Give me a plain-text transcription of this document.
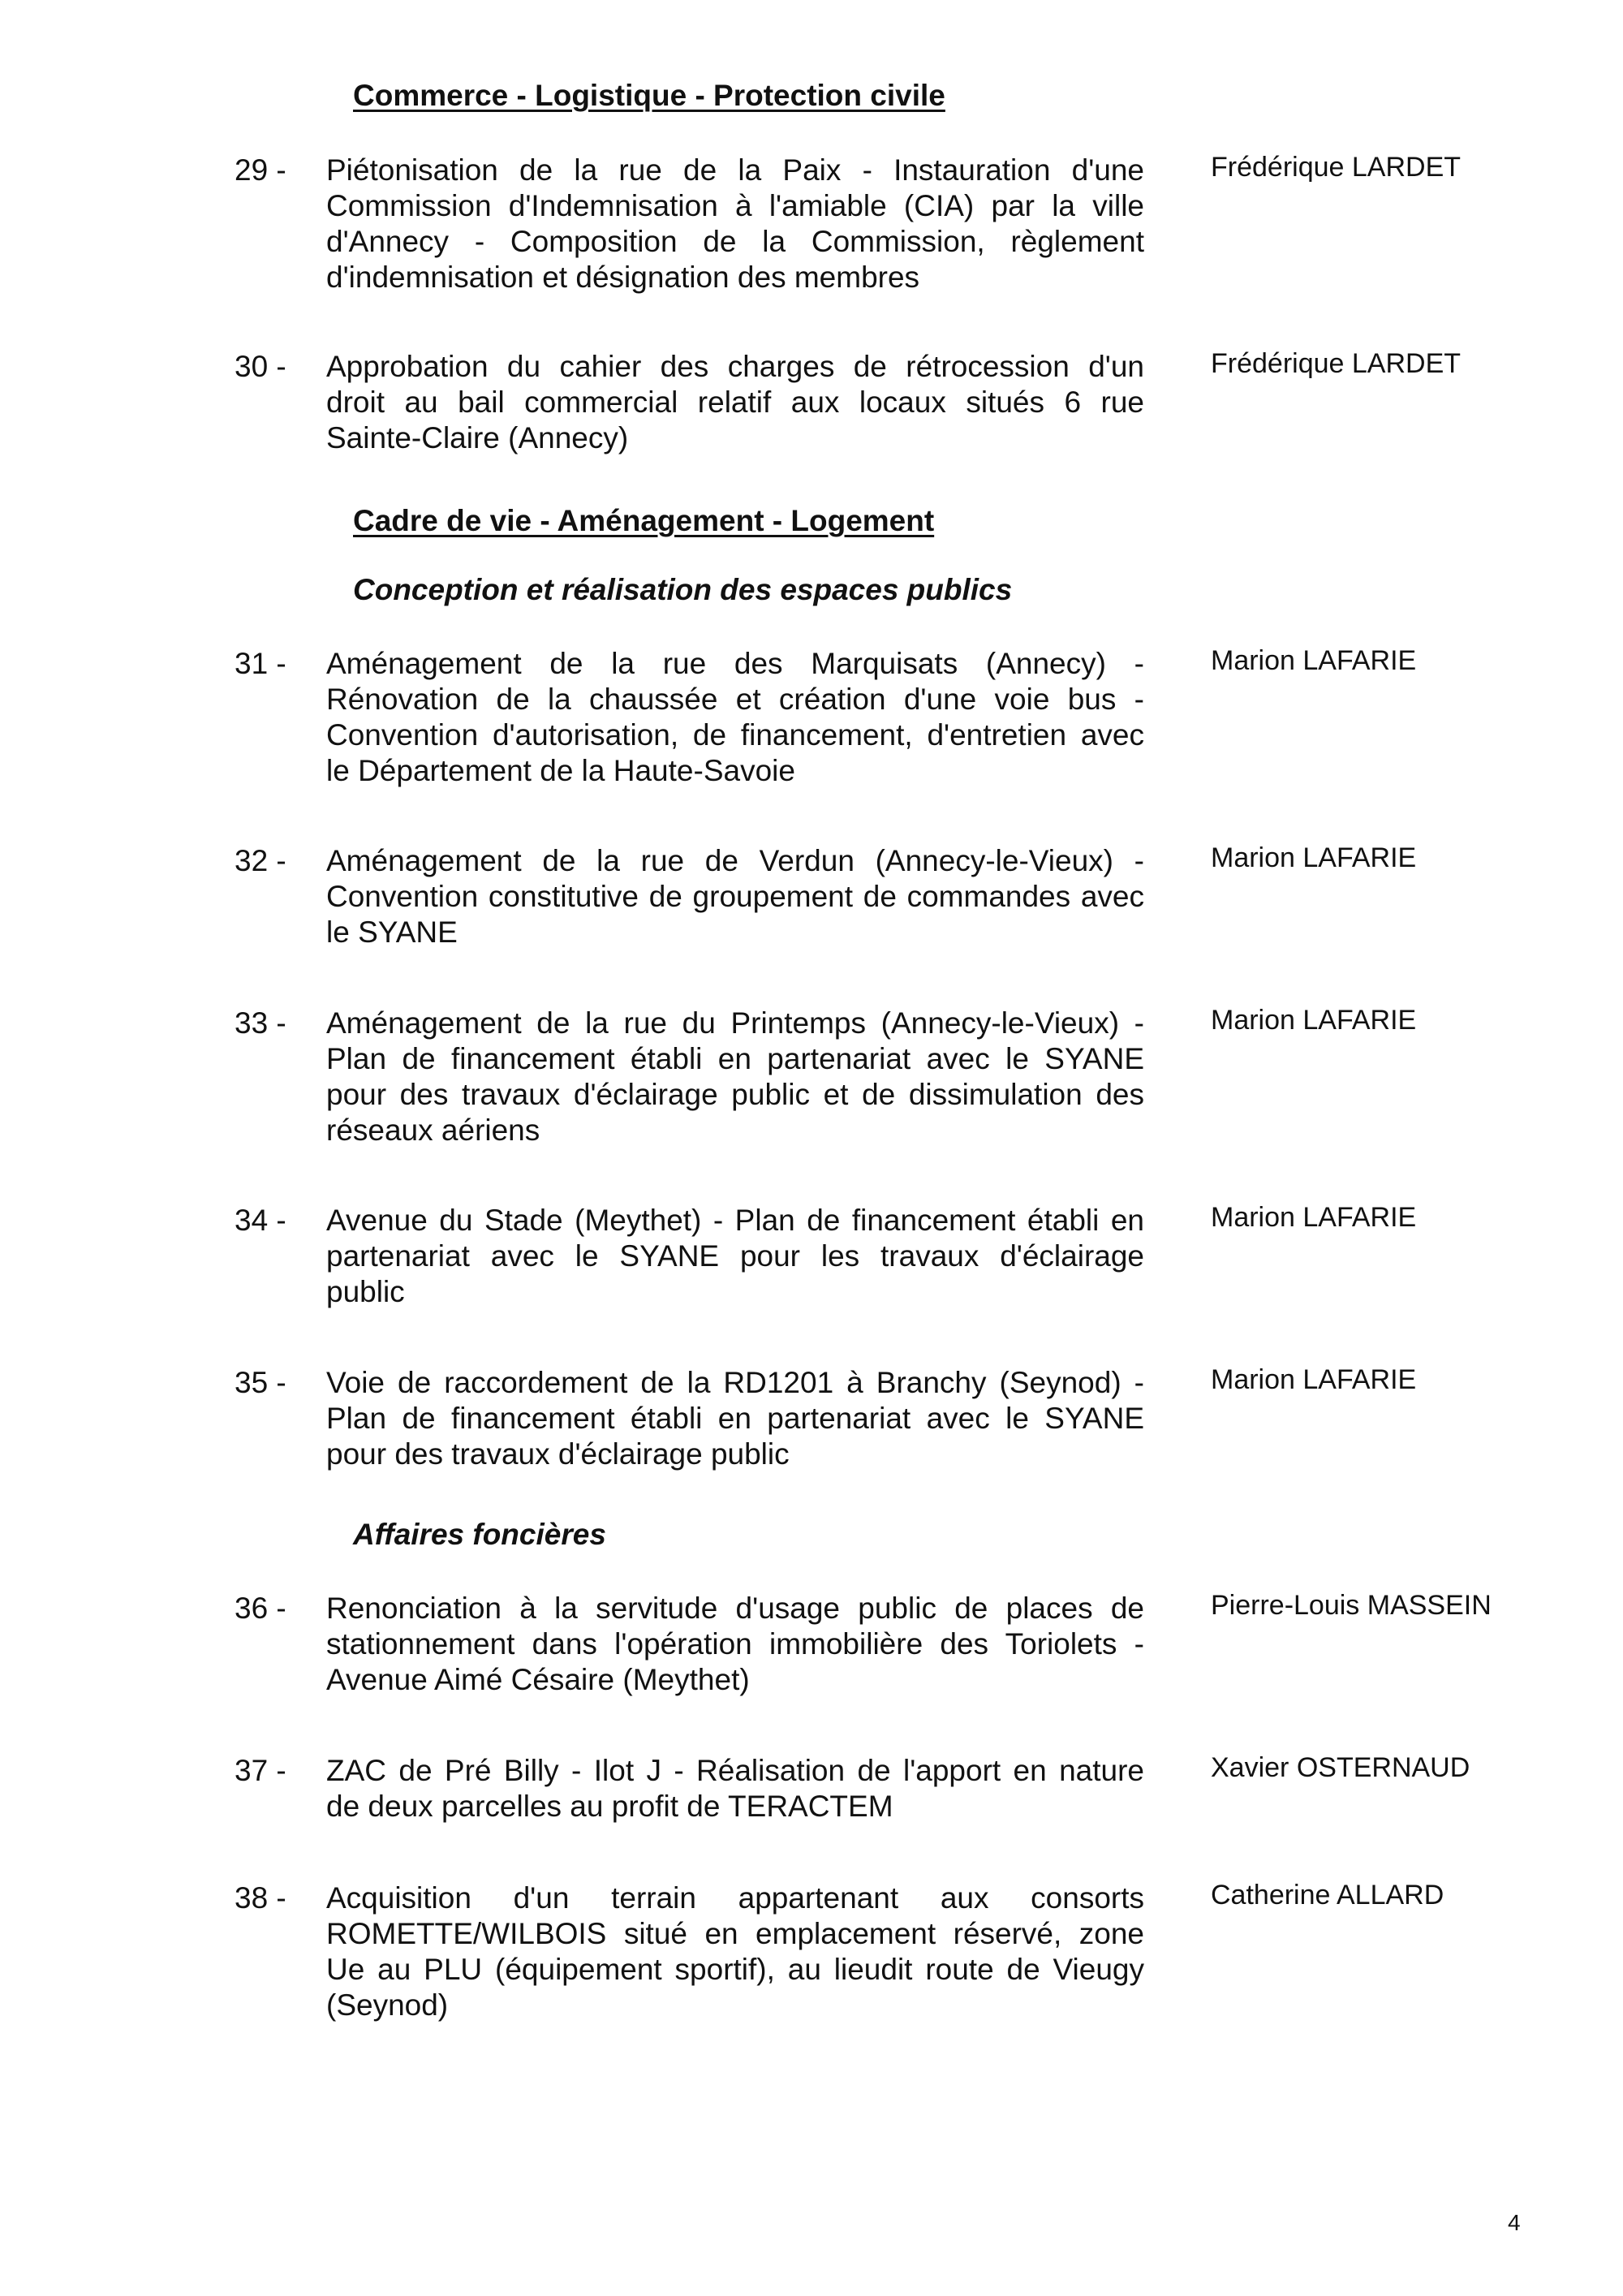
Commerce - Logistique - Protection civile
Cadre de vie - Aménagement - Logement
Conception et réalisation des espaces publics
Affaires foncières
29 - Piétonisation de la rue de la Paix - Instauration d'une
Commission d'Indemnisation à l'amiable (CIA) par la ville
d'Annecy - Composition de la Commission, règlement
d'indemnisation et désignation des membres
Frédérique LARDET
30 - Approbation du cahier des charges de rétrocession d'un
droit au bail commercial relatif aux locaux situés 6 rue
Sainte-Claire (Annecy)
Frédérique LARDET
31 - Aménagement de la rue des Marquisats (Annecy) -
Rénovation de la chaussée et création d'une voie bus -
Convention d'autorisation, de financement, d'entretien avec
le Département de la Haute-Savoie
Marion LAFARIE
32 - Aménagement de la rue de Verdun (Annecy-le-Vieux) -
Convention constitutive de groupement de commandes avec
le SYANE
Marion LAFARIE
33 - Aménagement de la rue du Printemps (Annecy-le-Vieux) -
Plan de financement établi en partenariat avec le SYANE
pour des travaux d'éclairage public et de dissimulation des
réseaux aériens
Marion LAFARIE
34 - Avenue du Stade (Meythet) - Plan de financement établi en
partenariat avec le SYANE pour les travaux d'éclairage
public
Marion LAFARIE
35 - Voie de raccordement de la RD1201 à Branchy (Seynod) -
Plan de financement établi en partenariat avec le SYANE
pour des travaux d'éclairage public
Marion LAFARIE
36 - Renonciation à la servitude d'usage public de places de
stationnement dans l'opération immobilière des Toriolets -
Avenue Aimé Césaire (Meythet)
Pierre-Louis MASSEIN
37 - ZAC de Pré Billy - Ilot J - Réalisation de l'apport en nature
de deux parcelles au profit de TERACTEM
Xavier OSTERNAUD
38 - Acquisition d'un terrain appartenant aux consorts
ROMETTE/WILBOIS situé en emplacement réservé, zone
Ue au PLU (équipement sportif), au lieudit route de Vieugy
(Seynod)
Catherine ALLARD
4
